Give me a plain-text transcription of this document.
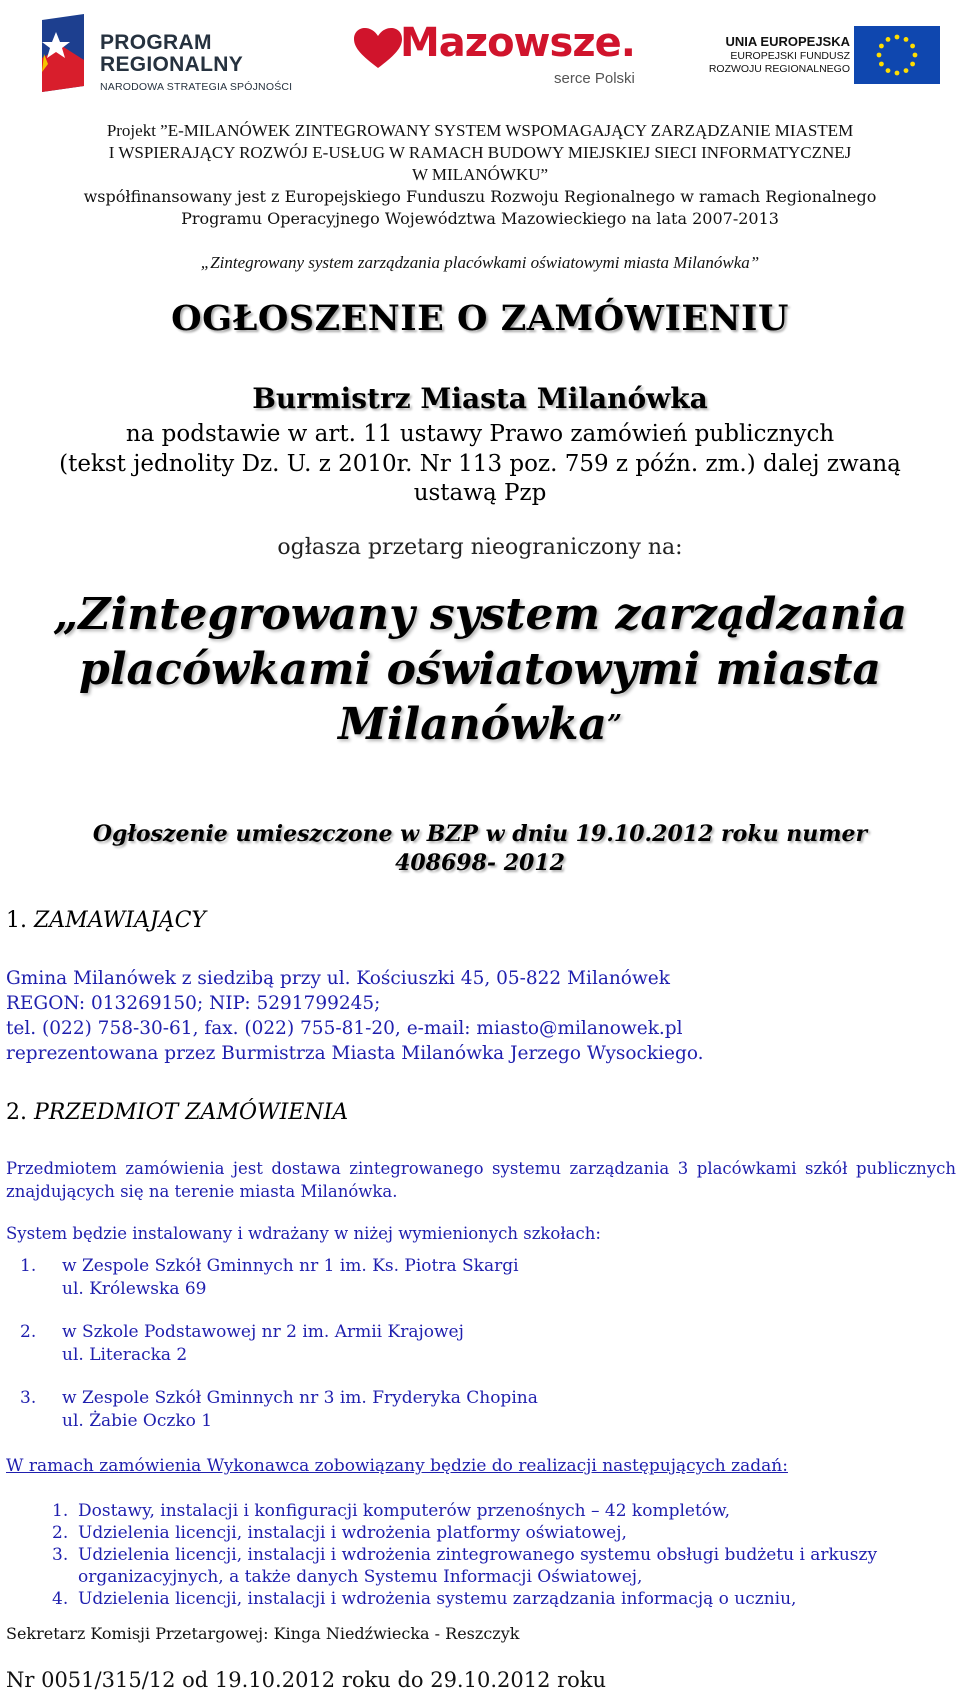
PROGRAM
REGIONALNY
NARODOWA STRATEGIA SPÓJNOŚCI
Mazowsze.
serce Polski
UNIA EUROPEJSKA
EUROPEJSKI FUNDUSZ
ROZWOJU REGIONALNEGO
Projekt ”E-MILANÓWEK ZINTEGROWANY SYSTEM WSPOMAGAJĄCY ZARZĄDZANIE MIASTEM
I WSPIERAJĄCY ROZWÓJ E-USŁUG W RAMACH BUDOWY MIEJSKIEJ SIECI INFORMATYCZNEJ
W MILANÓWKU”
współfinansowany jest z Europejskiego Funduszu Rozwoju Regionalnego w ramach Regionalnego
Programu Operacyjnego Województwa Mazowieckiego na lata 2007-2013
„Zintegrowany system zarządzania placówkami oświatowymi miasta Milanówka”
OGŁOSZENIE O ZAMÓWIENIU
Burmistrz Miasta Milanówka
na podstawie w art. 11 ustawy Prawo zamówień publicznych
(tekst jednolity Dz. U. z 2010r. Nr 113 poz. 759 z późn. zm.) dalej zwaną
ustawą Pzp
ogłasza przetarg nieograniczony na:
„Zintegrowany system zarządzania
placówkami oświatowymi miasta
Milanówka”
Ogłoszenie umieszczone w BZP w dniu 19.10.2012 roku numer
408698- 2012
1. ZAMAWIAJĄCY
Gmina Milanówek z siedzibą przy ul. Kościuszki 45, 05-822 Milanówek
REGON: 013269150; NIP: 5291799245;
tel. (022) 758-30-61, fax. (022) 755-81-20, e-mail: miasto@milanowek.pl
reprezentowana przez Burmistrza Miasta Milanówka Jerzego Wysockiego.
2. PRZEDMIOT ZAMÓWIENIA
Przedmiotem zamówienia jest dostawa zintegrowanego systemu zarządzania 3 placówkami szkół publicznych znajdujących się na terenie miasta Milanówka.
System będzie instalowany i wdrażany w niżej wymienionych szkołach:
1. w Zespole Szkół Gminnych nr 1 im. Ks. Piotra Skargi
ul. Królewska 69
2. w Szkole Podstawowej nr 2 im. Armii Krajowej
ul. Literacka 2
3. w Zespole Szkół Gminnych nr 3 im. Fryderyka Chopina
ul. Żabie Oczko 1
W ramach zamówienia Wykonawca zobowiązany będzie do realizacji następujących zadań:
1. Dostawy, instalacji i konfiguracji komputerów przenośnych – 42 kompletów,
2. Udzielenia licencji, instalacji i wdrożenia platformy oświatowej,
3. Udzielenia licencji, instalacji i wdrożenia zintegrowanego systemu obsługi budżetu i arkuszy organizacyjnych, a także danych Systemu Informacji Oświatowej,
4. Udzielenia licencji, instalacji i wdrożenia systemu zarządzania informacją o uczniu,
Sekretarz Komisji Przetargowej: Kinga Niedźwiecka - Reszczyk
Nr 0051/315/12 od 19.10.2012 roku do 29.10.2012 roku
